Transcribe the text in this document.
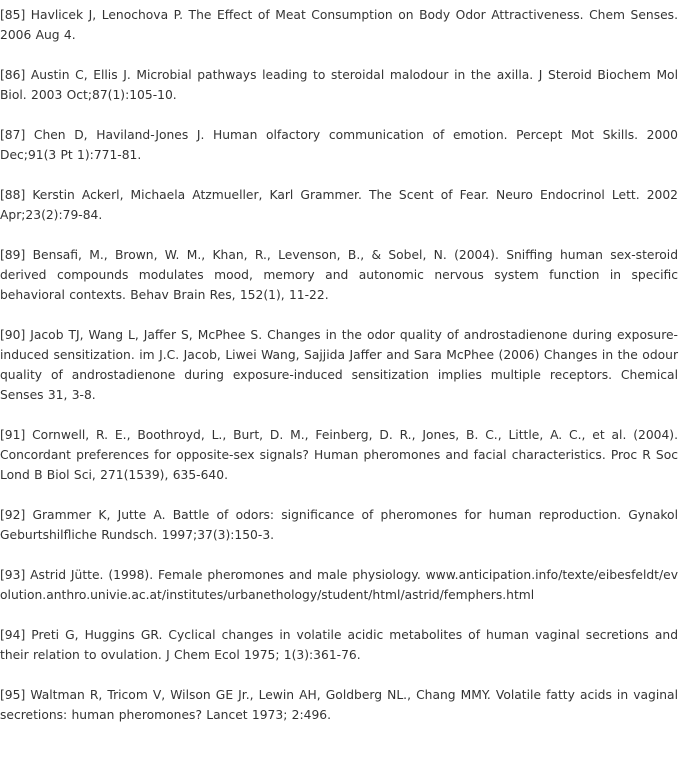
[85] Havlicek J, Lenochova P. The Effect of Meat Consumption on Body Odor Attractiveness. Chem Senses. 2006 Aug 4.

[86] Austin C, Ellis J. Microbial pathways leading to steroidal malodour in the axilla. J Steroid Biochem Mol Biol. 2003 Oct;87(1):105-10.

[87] Chen D, Haviland-Jones J. Human olfactory communication of emotion. Percept Mot Skills. 2000 Dec;91(3 Pt 1):771-81.

[88] Kerstin Ackerl, Michaela Atzmueller, Karl Grammer. The Scent of Fear. Neuro Endocrinol Lett. 2002 Apr;23(2):79-84.

[89] Bensafi, M., Brown, W. M., Khan, R., Levenson, B., & Sobel, N. (2004). Sniffing human sex-steroid derived compounds modulates mood, memory and autonomic nervous system function in specific behavioral contexts. Behav Brain Res, 152(1), 11-22.

[90] Jacob TJ, Wang L, Jaffer S, McPhee S. Changes in the odor quality of androstadienone during exposure-induced sensitization. im J.C. Jacob, Liwei Wang, Sajjida Jaffer and Sara McPhee (2006) Changes in the odour quality of androstadienone during exposure-induced sensitization implies multiple receptors. Chemical Senses 31, 3-8.

[91] Cornwell, R. E., Boothroyd, L., Burt, D. M., Feinberg, D. R., Jones, B. C., Little, A. C., et al. (2004). Concordant preferences for opposite-sex signals? Human pheromones and facial characteristics. Proc R Soc Lond B Biol Sci, 271(1539), 635-640.

[92] Grammer K, Jutte A. Battle of odors: significance of pheromones for human reproduction. Gynakol Geburtshilfliche Rundsch. 1997;37(3):150-3.

[93] Astrid Jütte. (1998). Female pheromones and male physiology. www.anticipation.info/texte/eibesfeldt/evolution.anthro.univie.ac.at/institutes/urbanethology/student/html/astrid/femphers.html

[94] Preti G, Huggins GR. Cyclical changes in volatile acidic metabolites of human vaginal secretions and their relation to ovulation. J Chem Ecol 1975; 1(3):361-76.

[95] Waltman R, Tricom V, Wilson GE Jr., Lewin AH, Goldberg NL., Chang MMY. Volatile fatty acids in vaginal secretions: human pheromones? Lancet 1973; 2:496.
